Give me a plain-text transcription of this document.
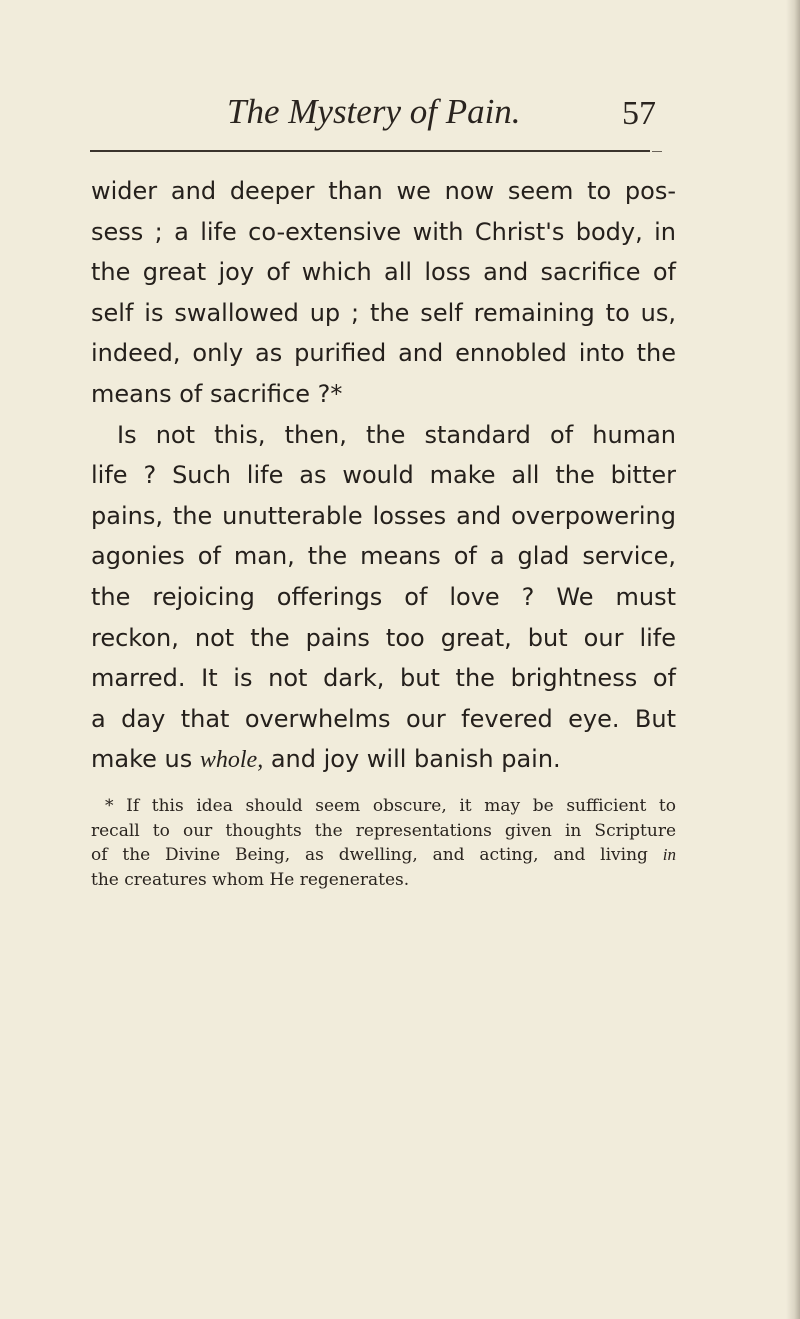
The Mystery of Pain.	57
wider and deeper than we now seem to pos-
sess ; a life co-extensive with Christ's body, in
the great joy of which all loss and sacrifice of
self is swallowed up ; the self remaining to us,
indeed, only as purified and ennobled into the
means of sacrifice ?*
Is not this, then, the standard of human
life ? Such life as would make all the bitter
pains, the unutterable losses and overpowering
agonies of man, the means of a glad service,
the rejoicing offerings of love ? We must
reckon, not the pains too great, but our life
marred. It is not dark, but the brightness of
a day that overwhelms our fevered eye. But
make us whole, and joy will banish pain.
* If this idea should seem obscure, it may be sufficient to
recall to our thoughts the representations given in Scripture
of the Divine Being, as dwelling, and acting, and living in
the creatures whom He regenerates.
